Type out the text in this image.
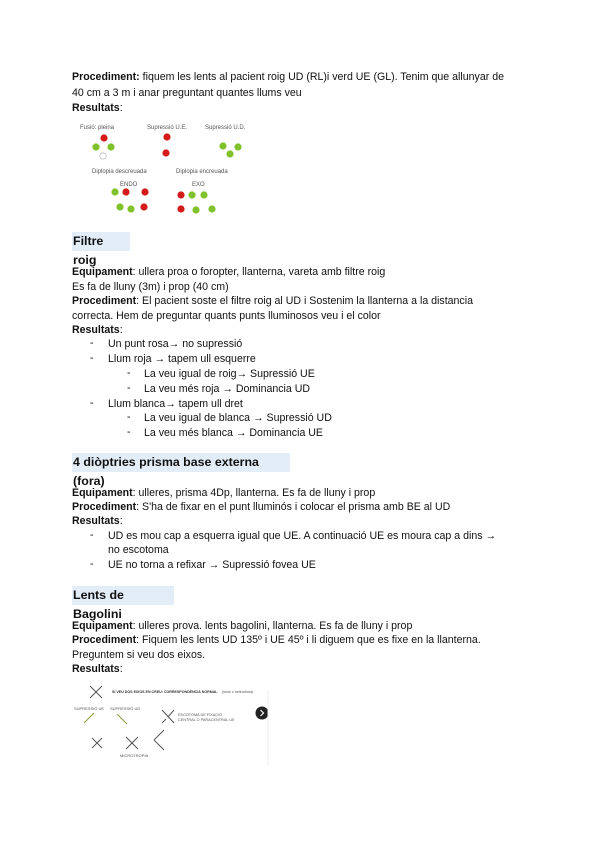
Procediment: fiquem les lents al pacient roig UD (RL)i verd UE (GL). Tenim que allunyar de
40 cm a 3 m i anar preguntant quantes llums veu
Resultats:
Fusió: pleina	Supressió U.E.	Supressió U.D.
Diplopia descreuada	Diplopia encreuada
ENDO	EXO
Filtre roig
Equipament: ullera proa o foropter, llanterna, vareta amb filtre roig
Es fa de lluny (3m) i prop (40 cm)
Procediment: El pacient soste el filtre roig al UD i Sostenim la llanterna a la distancia
correcta. Hem de preguntar quants punts lluminosos veu i el color
Resultats:
-	Un punt rosa→ no supressió
-	Llum roja → tapem ull esquerre
-	La veu igual de roig→ Supressió UE
-	La veu més roja → Dominancia UD
-	Llum blanca→ tapem ull dret
-	La veu igual de blanca → Supressió UD
-	La veu més blanca → Dominancia UE
4 diòptries prisma base externa (fora)
Equipament: ulleres, prisma 4Dp, llanterna. Es fa de lluny i prop
Procediment: S'ha de fixar en el punt lluminós i colocar el prisma amb BE al UD
Resultats:
-	UD es mou cap a esquerra igual que UE. A continuació UE es moura cap a dins →
no escotoma
-	UE no torna a refixar → Supressió fovea UE
Lents de Bagolini
Equipament: ulleres prova. lents bagolini, llanterna. Es fa de lluny i prop
Procediment: Fiquem les lents UD 135º i UE 45º i li diguem que es fixe en la llanterna.
Preguntem si veu dos eixos.
Resultats:
SI VEU DOS EIXOS EN CREU: CORRESPONDÈNCIA NORMAL (fusió o heteroforia)
SUPRESSIÓ UE SUPRESSIÓ UD
ESCOTOMA DE FIXACIÓ
CENTRAL O PARACENTRAL UE
MICROTROPIA
